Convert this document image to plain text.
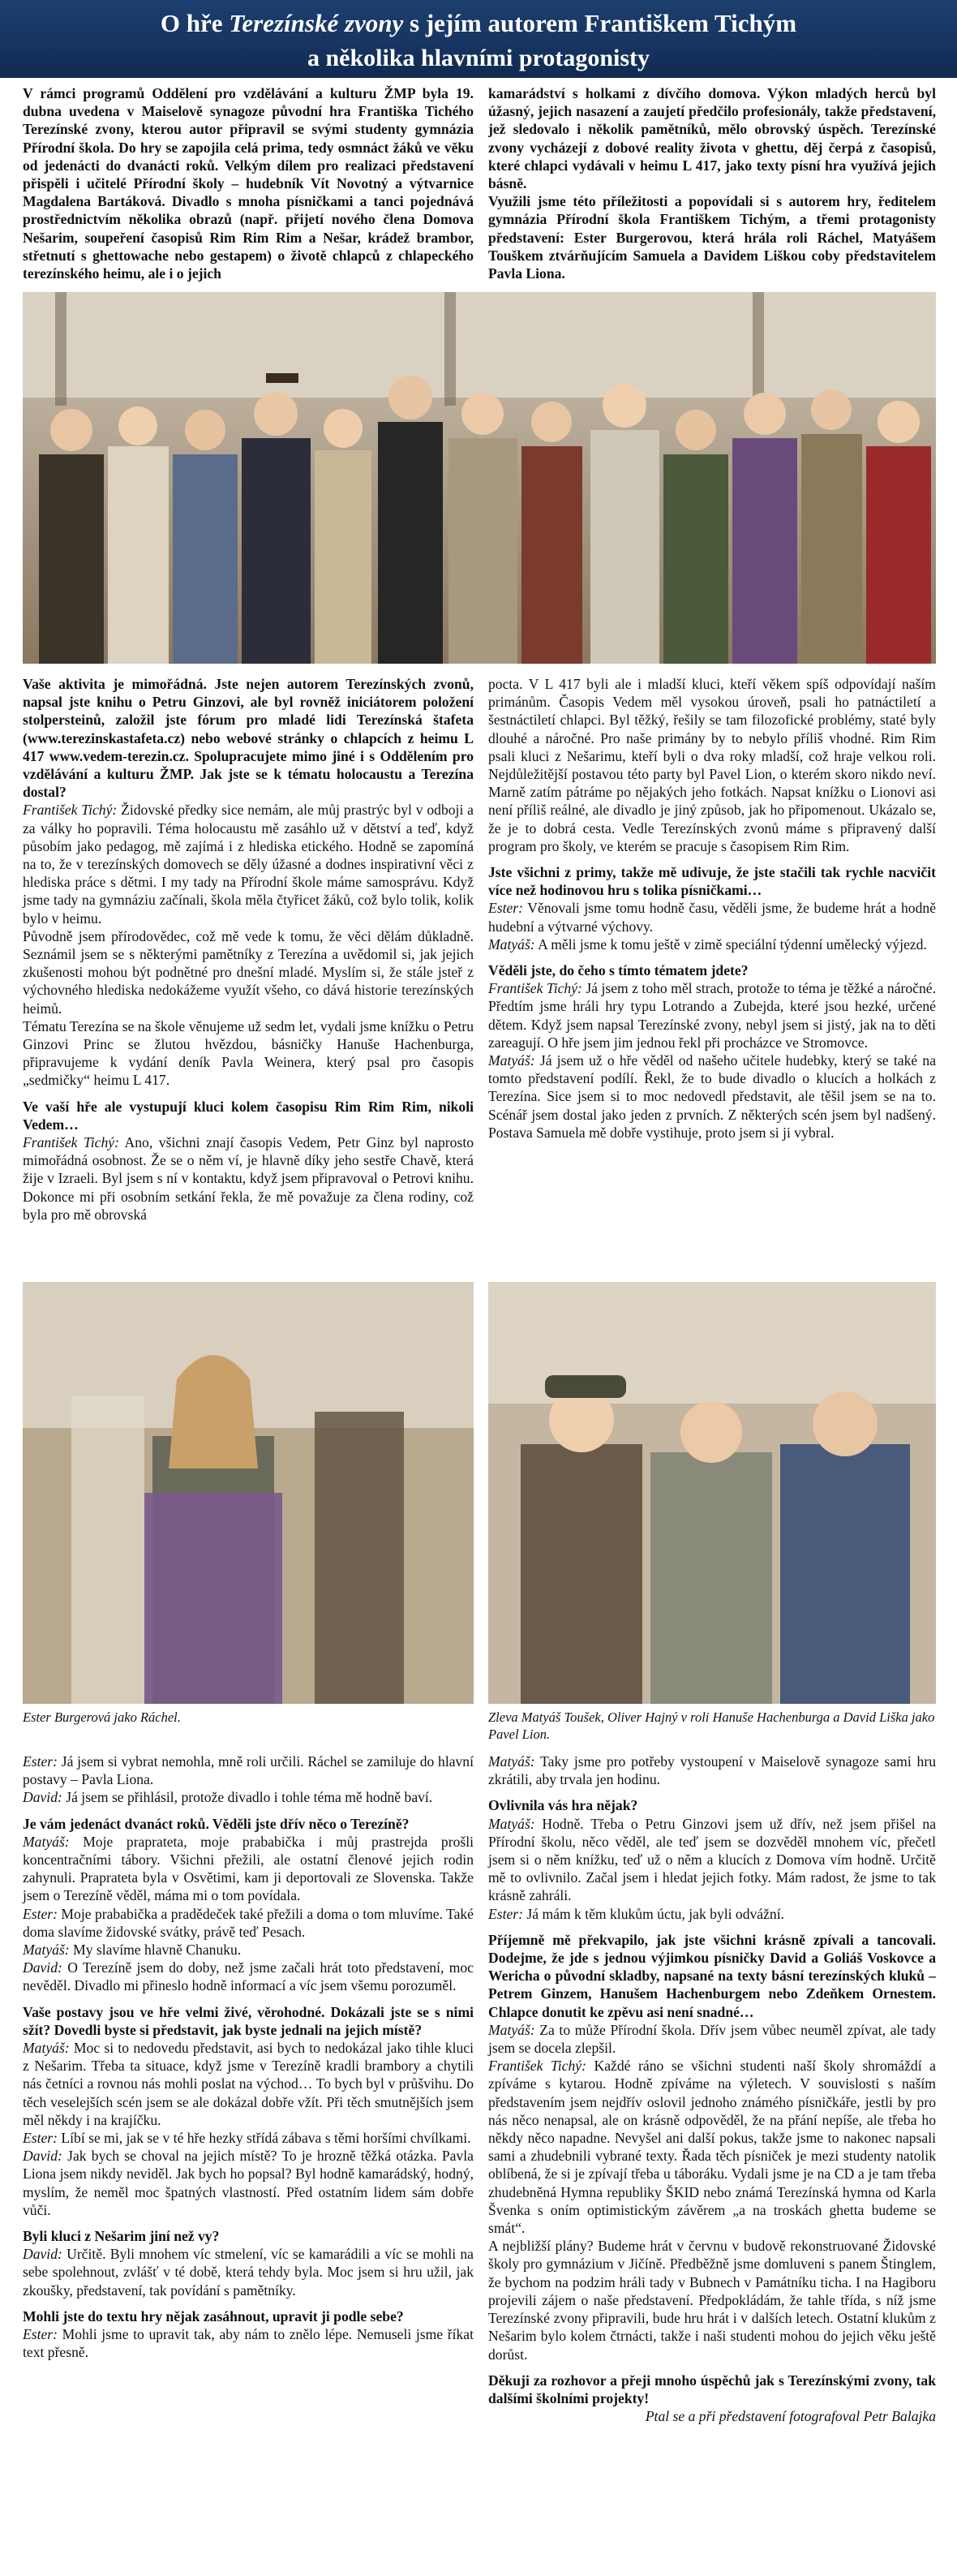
O hře Terezínské zvony s jejím autorem Františkem Tichým
a několika hlavními protagonisty

V rámci programů Oddělení pro vzdělávání a kulturu ŽMP byla 19. dubna uvedena v Maiselově synagoze původní hra Františka Tichého Terezínské zvony, kterou autor připravil se svými studenty gymnázia Přírodní škola. Do hry se zapojila celá prima, tedy osmnáct žáků ve věku od jedenácti do dvanácti roků. Velkým dílem pro realizaci představení přispěli i učitelé Přírodní školy – hudebník Vít Novotný a výtvarnice Magdalena Bartáková. Divadlo s mnoha písničkami a tanci pojednává prostřednictvím několika obrazů (např. přijetí nového člena Domova Nešarim, soupeření časopisů Rim Rim Rim a Nešar, krádež brambor, střetnutí s ghettowache nebo gestapem) o životě chlapců z chlapeckého terezínského heimu, ale i o jejich

kamarádství s holkami z dívčího domova. Výkon mladých herců byl úžasný, jejich nasazení a zaujetí předčilo profesionály, takže představení, jež sledovalo i několik pamětníků, mělo obrovský úspěch. Terezínské zvony vycházejí z dobové reality života v ghettu, děj čerpá z časopisů, které chlapci vydávali v heimu L 417, jako texty písní hra využívá jejich básně.

Využili jsme této příležitosti a popovídali si s autorem hry, ředitelem gymnázia Přírodní škola Františkem Tichým, a třemi protagonisty představení: Ester Burgerovou, která hrála roli Ráchel, Matyášem Touškem ztvárňujícím Samuela a Davidem Liškou coby představitelem Pavla Liona.

Vaše aktivita je mimořádná. Jste nejen autorem Terezínských zvonů, napsal jste knihu o Petru Ginzovi, ale byl rovněž iniciátorem položení stolpersteinů, založil jste fórum pro mladé lidi Terezínská štafeta (www.terezinskastafeta.cz) nebo webové stránky o chlapcích z heimu L 417 www.vedem-terezin.cz. Spolupracujete mimo jiné i s Oddělením pro vzdělávání a kulturu ŽMP. Jak jste se k tématu holocaustu a Terezína dostal?

František Tichý: Židovské předky sice nemám, ale můj prastrýc byl v odboji a za války ho popravili. Téma holocaustu mě zasáhlo už v dětství a teď, když působím jako pedagog, mě zajímá i z hlediska etického. Hodně se zapomíná na to, že v terezínských domovech se děly úžasné a dodnes inspirativní věci z hlediska práce s dětmi. I my tady na Přírodní škole máme samosprávu. Když jsme tady na gymnáziu začínali, škola měla čtyřicet žáků, což bylo tolik, kolik bylo v heimu.

Původně jsem přírodovědec, což mě vede k tomu, že věci dělám důkladně. Seznámil jsem se s některými pamětníky z Terezína a uvědomil si, jak jejich zkušenosti mohou být podnětné pro dnešní mladé. Myslím si, že stále jsteř z výchovného hlediska nedokážeme využít všeho, co dává historie terezínských heimů.

Tématu Terezína se na škole věnujeme už sedm let, vydali jsme knížku o Petru Ginzovi Princ se žlutou hvězdou, básničky Hanuše Hachenburga, připravujeme k vydání deník Pavla Weinera, který psal pro časopis „sedmičky“ heimu L 417.

Ve vaší hře ale vystupují kluci kolem časopisu Rim Rim Rim, nikoli Vedem…

František Tichý: Ano, všichni znají časopis Vedem, Petr Ginz byl naprosto mimořádná osobnost. Že se o něm ví, je hlavně díky jeho sestře Chavě, která žije v Izraeli. Byl jsem s ní v kontaktu, když jsem připravoval o Petrovi knihu. Dokonce mi při osobním setkání řekla, že mě považuje za člena rodiny, což byla pro mě obrovská

pocta. V L 417 byli ale i mladší kluci, kteří věkem spíš odpovídají naším primánům. Časopis Vedem měl vysokou úroveň, psali ho patnáctiletí a šestnáctiletí chlapci. Byl těžký, řešily se tam filozofické problémy, staté byly dlouhé a náročné. Pro naše primány by to nebylo příliš vhodné. Rim Rim psali kluci z Nešarimu, kteří byli o dva roky mladší, což hraje velkou roli. Nejdůležitější postavou této party byl Pavel Lion, o kterém skoro nikdo neví. Marně zatím pátráme po nějakých jeho fotkách. Napsat knížku o Lionovi asi není příliš reálné, ale divadlo je jiný způsob, jak ho připomenout. Ukázalo se, že je to dobrá cesta. Vedle Terezínských zvonů máme s připravený další program pro školy, ve kterém se pracuje s časopisem Rim Rim.

Jste všichni z primy, takže mě udivuje, že jste stačili tak rychle nacvičit více než hodinovou hru s tolika písničkami…

Ester: Věnovali jsme tomu hodně času, věděli jsme, že budeme hrát a hodně hudební a výtvarné výchovy.

Matyáš: A měli jsme k tomu ještě v zimě speciální týdenní umělecký výjezd.

Věděli jste, do čeho s tímto tématem jdete?

František Tichý: Já jsem z toho měl strach, protože to téma je těžké a náročné. Předtím jsme hráli hry typu Lotrando a Zubejda, které jsou hezké, určené dětem. Když jsem napsal Terezínské zvony, nebyl jsem si jistý, jak na to děti zareagují. O hře jsem jim jednou řekl při procházce ve Stromovce.

Matyáš: Já jsem už o hře věděl od našeho učitele hudebky, který se také na tomto představení podílí. Řekl, že to bude divadlo o klucích a holkách z Terezína. Sice jsem si to moc nedovedl představit, ale těšil jsem se na to. Scénář jsem dostal jako jeden z prvních. Z některých scén jsem byl nadšený. Postava Samuela mě dobře vystihuje, proto jsem si ji vybral.

Ester Burgerová jako Ráchel.	Zleva Matyáš Toušek, Oliver Hajný v roli Hanuše Hachenburga a David Liška jako Pavel Lion.

Ester: Já jsem si vybrat nemohla, mně roli určili. Ráchel se zamiluje do hlavní postavy – Pavla Liona.

David: Já jsem se přihlásil, protože divadlo i tohle téma mě hodně baví.

Je vám jedenáct dvanáct roků. Věděli jste dřív něco o Terezíně?

Matyáš: Moje praprateta, moje prababička i můj prastrejda prošli koncentračními tábory. Všichni přežili, ale ostatní členové jejich rodin zahynuli. Praprateta byla v Osvětimi, kam ji deportovali ze Slovenska. Takže jsem o Terezíně věděl, máma mi o tom povídala.

Ester: Moje prababička a pradědeček také přežili a doma o tom mluvíme. Také doma slavíme židovské svátky, právě teď Pesach.

Matyáš: My slavíme hlavně Chanuku.

David: O Terezíně jsem do doby, než jsme začali hrát toto představení, moc nevěděl. Divadlo mi přineslo hodně informací a víc jsem všemu porozuměl.

Vaše postavy jsou ve hře velmi živé, věrohodné. Dokázali jste se s nimi sžít? Dovedli byste si představit, jak byste jednali na jejich místě?

Matyáš: Moc si to nedovedu představit, asi bych to nedokázal jako tihle kluci z Nešarim. Třeba ta situace, když jsme v Terezíně kradli brambory a chytili nás četníci a rovnou nás mohli poslat na východ… To bych byl v průšvihu. Do těch veselejších scén jsem se ale dokázal dobře vžít. Při těch smutnějších jsem měl někdy i na krajíčku.

Ester: Líbí se mi, jak se v té hře hezky střídá zábava s těmi horšími chvílkami.

David: Jak bych se choval na jejich místě? To je hrozně těžká otázka. Pavla Liona jsem nikdy neviděl. Jak bych ho popsal? Byl hodně kamarádský, hodný, myslím, že neměl moc špatných vlastností. Před ostatním lidem sám dobře vůči.

Byli kluci z Nešarim jiní než vy?

David: Určitě. Byli mnohem víc stmelení, víc se kamarádili a víc se mohli na sebe spolehnout, zvlášť v té době, která tehdy byla. Moc jsem si hru užil, jak zkoušky, představení, tak povídání s pamětníky.

Mohli jste do textu hry nějak zasáhnout, upravit ji podle sebe?

Ester: Mohli jsme to upravit tak, aby nám to znělo lépe. Nemuseli jsme říkat text přesně.

Matyáš: Taky jsme pro potřeby vystoupení v Maiselově synagoze sami hru zkrátili, aby trvala jen hodinu.

Ovlivnila vás hra nějak?

Matyáš: Hodně. Třeba o Petru Ginzovi jsem už dřív, než jsem přišel na Přírodní školu, něco věděl, ale teď jsem se dozvěděl mnohem víc, přečetl jsem si o něm knížku, teď už o něm a klucích z Domova vím hodně. Určitě mě to ovlivnilo. Začal jsem i hledat jejich fotky. Mám radost, že jsme to tak krásně zahráli.

Ester: Já mám k těm klukům úctu, jak byli odvážní.

Příjemně mě překvapilo, jak jste všichni krásně zpívali a tancovali. Dodejme, že jde s jednou výjimkou písničky David a Goliáš Voskovce a Wericha o původní skladby, napsané na texty básní terezínských kluků – Petrem Ginzem, Hanušem Hachenburgem nebo Zdeňkem Ornestem. Chlapce donutit ke zpěvu asi není snadné…

Matyáš: Za to může Přírodní škola. Dřív jsem vůbec neuměl zpívat, ale tady jsem se docela zlepšil.

František Tichý: Každé ráno se všichni studenti naší školy shromáždí a zpíváme s kytarou. Hodně zpíváme na výletech. V souvislosti s naším představením jsem nejdřív oslovil jednoho známého písničkáře, jestli by pro nás něco nenapsal, ale on krásně odpověděl, že na přání nepíše, ale třeba ho někdy něco napadne. Nevyšel ani další pokus, takže jsme to nakonec napsali sami a zhudebnili vybrané texty. Řada těch písniček je mezi studenty natolik oblíbená, že si je zpívají třeba u táboráku. Vydali jsme je na CD a je tam třeba zhudebněná Hymna republiky ŠKID nebo známá Terezínská hymna od Karla Švenka s oním optimistickým závěrem „a na troskách ghetta budeme se smát“.

A nejbližší plány? Budeme hrát v červnu v budově rekonstruované Židovské školy pro gymnázium v Jičíně. Předběžně jsme domluveni s panem Štinglem, že bychom na podzim hráli tady v Bubnech v Památníku ticha. I na Hagiboru projevili zájem o naše představení. Předpokládám, že tahle třída, s níž jsme Terezínské zvony připravili, bude hru hrát i v dalších letech. Ostatní klukům z Nešarim bylo kolem čtrnácti, takže i naši studenti mohou do jejich věku ještě dorůst.

Děkuji za rozhovor a přeji mnoho úspěchů jak s Terezínskými zvony, tak dalšími školními projekty!

Ptal se a při představení fotografoval Petr Balajka
